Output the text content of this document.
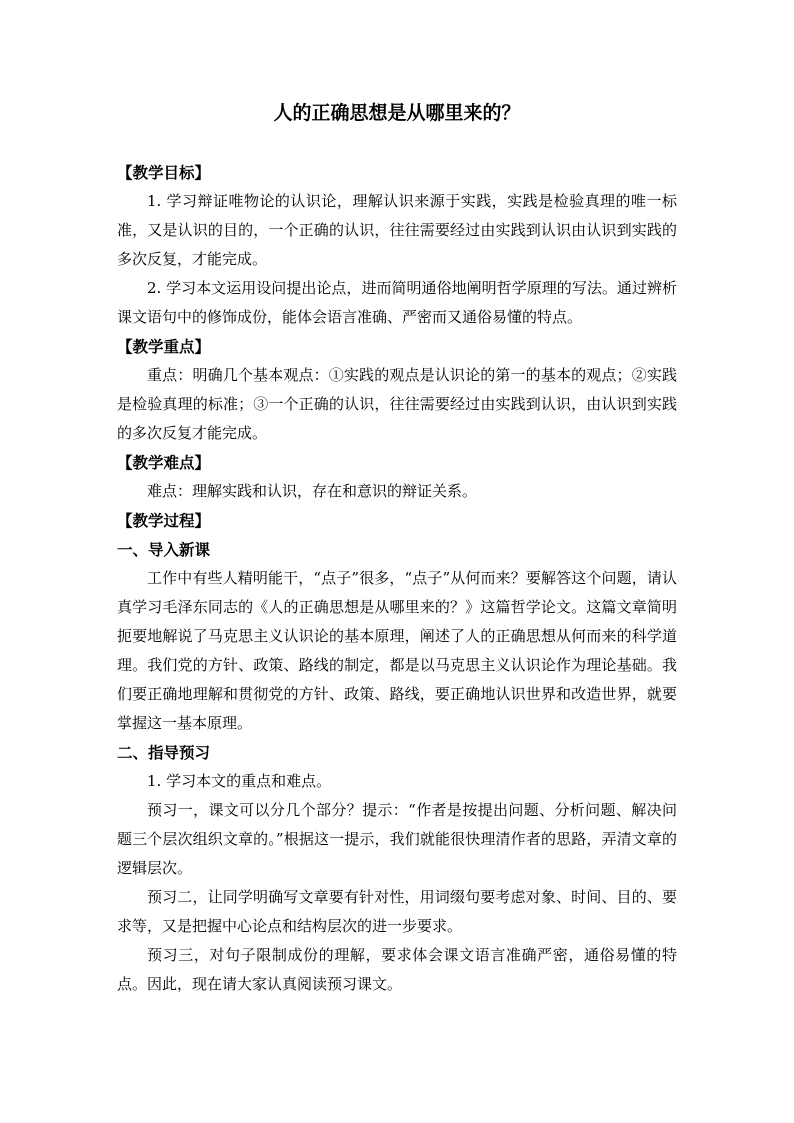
人的正确思想是从哪里来的？
【教学目标】

1. 学习辩证唯物论的认识论，理解认识来源于实践，实践是检验真理的唯一标准，又是认识的目的，一个正确的认识，往往需要经过由实践到认识由认识到实践的多次反复，才能完成。

2. 学习本文运用设问提出论点，进而简明通俗地阐明哲学原理的写法。通过辨析课文语句中的修饰成份，能体会语言准确、严密而又通俗易懂的特点。

【教学重点】

重点：明确几个基本观点：①实践的观点是认识论的第一的基本的观点；②实践是检验真理的标准；③一个正确的认识，往往需要经过由实践到认识，由认识到实践的多次反复才能完成。

【教学难点】

难点：理解实践和认识，存在和意识的辩证关系。

【教学过程】
一、导入新课

工作中有些人精明能干，“点子”很多，“点子”从何而来？要解答这个问题，请认真学习毛泽东同志的《人的正确思想是从哪里来的？》这篇哲学论文。这篇文章简明扼要地解说了马克思主义认识论的基本原理，阐述了人的正确思想从何而来的科学道理。我们党的方针、政策、路线的制定，都是以马克思主义认识论作为理论基础。我们要正确地理解和贯彻党的方针、政策、路线，要正确地认识世界和改造世界，就要掌握这一基本原理。

二、指导预习

1. 学习本文的重点和难点。

预习一，课文可以分几个部分？提示：“作者是按提出问题、分析问题、解决问题三个层次组织文章的。”根据这一提示，我们就能很快理清作者的思路，弄清文章的逻辑层次。

预习二，让同学明确写文章要有针对性，用词缀句要考虑对象、时间、目的、要求等，又是把握中心论点和结构层次的进一步要求。

预习三，对句子限制成份的理解，要求体会课文语言准确严密，通俗易懂的特点。因此，现在请大家认真阅读预习课文。
